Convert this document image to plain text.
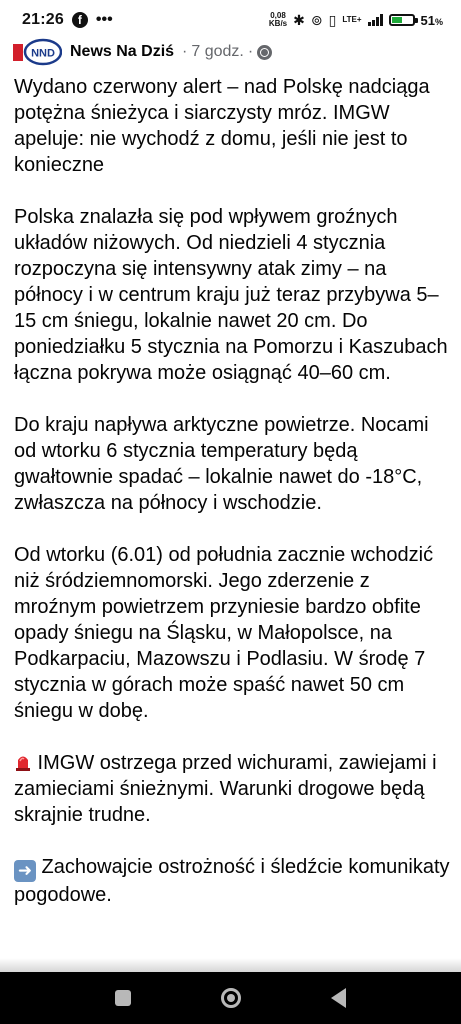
21:26	f •••	0,08
KB/s ✱ ⊚ ▯ LTE+	51%
NND News Na Dziś · 7 godz. ·

Wydano czerwony alert – nad Polskę nadciąga potężna śnieżyca i siarczysty mróz. IMGW apeluje: nie wychodź z domu, jeśli nie jest to konieczne

Polska znalazła się pod wpływem groźnych układów niżowych. Od niedzieli 4 stycznia rozpoczyna się intensywny atak zimy – na północy i w centrum kraju już teraz przybywa 5–15 cm śniegu, lokalnie nawet 20 cm. Do poniedziałku 5 stycznia na Pomorzu i Kaszubach łączna pokrywa może osiągnąć 40–60 cm.

Do kraju napływa arktyczne powietrze. Nocami od wtorku 6 stycznia temperatury będą gwałtownie spadać – lokalnie nawet do -18°C, zwłaszcza na północy i wschodzie.

Od wtorku (6.01) od południa zacznie wchodzić niż śródziemnomorski. Jego zderzenie z mroźnym powietrzem przyniesie bardzo obfite opady śniegu na Śląsku, w Małopolsce, na Podkarpaciu, Mazowszu i Podlasiu. W środę 7 stycznia w górach może spaść nawet 50 cm śniegu w dobę.

IMGW ostrzega przed wichurami, zawiejami i zamieciami śnieżnymi. Warunki drogowe będą skrajnie trudne.

➜ Zachowajcie ostrożność i śledźcie komunikaty pogodowe.
